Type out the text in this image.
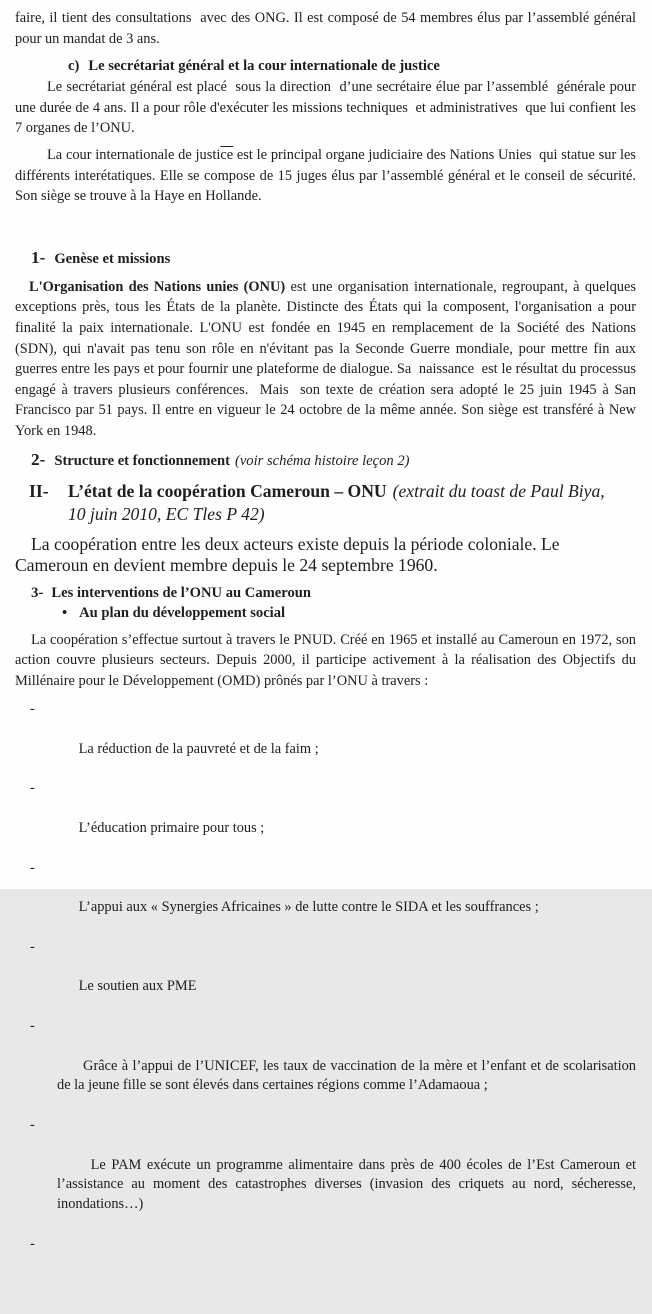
faire, il tient des consultations  avec des ONG. Il est composé de 54 membres élus par l’assemblé général pour un mandat de 3 ans.

c) Le secrétariat général et la cour internationale de justice

Le secrétariat général est placé  sous la direction  d’une secrétaire élue par l’assemblé  générale pour une durée de 4 ans. Il a pour rôle d'exécuter les missions techniques  et administratives  que lui confient les 7 organes de l’ONU.

La cour internationale de $justi\overline{ce}$ est le principal organe judiciaire des Nations Unies  qui statue sur les différents interétatiques. Elle se compose de 15 juges élus par l’assemblé général et le conseil de sécurité. Son siège se trouve à la Haye en Hollande.

1- Genèse et missions

L'Organisation des Nations unies (ONU) est une organisation internationale, regroupant, à quelques exceptions près, tous les États de la planète. Distincte des États qui la composent, l'organisation a pour finalité la paix internationale. L'ONU est fondée en 1945 en remplacement de la Société des Nations (SDN), qui n'avait pas tenu son rôle en n'évitant pas la Seconde Guerre mondiale, pour mettre fin aux guerres entre les pays et pour fournir une plateforme de dialogue. Sa  naissance  est le résultat du processus engagé à travers plusieurs conférences.  Mais  son texte de création sera adopté le 25 juin 1945 à San Francisco par 51 pays. Il entre en vigueur le 24 octobre de la même année. Son siège est transféré à New York en 1948.

2- Structure et fonctionnement (voir schéma histoire leçon 2)
II-	L’état de la coopération Cameroun – ONU (extrait du toast de Paul Biya, 10 juin 2010, EC Tles P 42)

La coopération entre les deux acteurs existe depuis la période coloniale. Le Cameroun en devient membre depuis le 24 septembre 1960.

3- Les interventions de l’ONU au Cameroun
• Au plan du développement social

La coopération s’effectue surtout à travers le PNUD. Créé en 1965 et installé au Cameroun en 1972, son action couvre plusieurs secteurs. Depuis 2000, il participe activement à la réalisation des Objectifs du Millénaire pour le Développement (OMD) prônés par l’ONU à travers :

-

La réduction de la pauvreté et de la faim ;

-

L’éducation primaire pour tous ;

-

L’appui aux « Synergies Africaines » de lutte contre le SIDA et les souffrances ;

-

Le soutien aux PME

-

Grâce à l’appui de l’UNICEF, les taux de vaccination de la mère et l’enfant et de scolarisation de la jeune fille se sont élevés dans certaines régions comme l’Adamaoua ;

-

Le PAM exécute un programme alimentaire dans près de 400 écoles de l’Est Cameroun et l’assistance au moment des catastrophes diverses (invasion des criquets au nord, sécheresse, inondations…)

-
